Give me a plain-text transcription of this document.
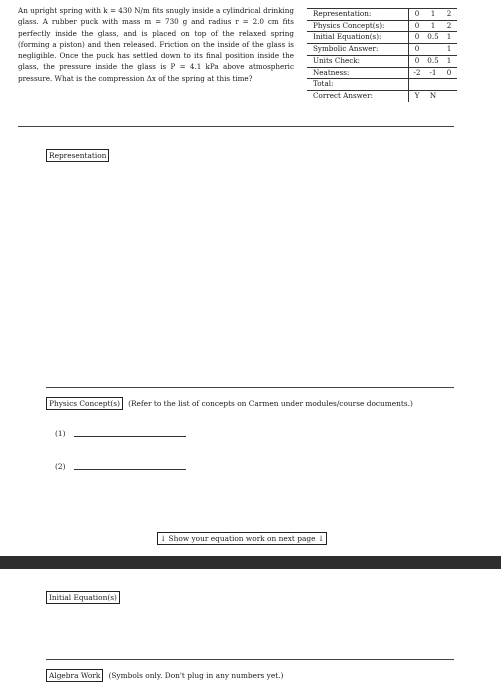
An upright spring with k = 430 N/m fits snugly inside a cylindrical drinking glass. A rubber puck with mass m = 730 g and radius r = 2.0 cm fits perfectly inside the glass, and is placed on top of the relaxed spring (forming a piston) and then released. Friction on the inside of the glass is negligible. Once the puck has settled down to its final position inside the glass, the pressure inside the glass is P = 4.1 kPa above atmospheric pressure. What is the compression Δx of the spring at this time?
Representation:	0	1	2
Physics Concept(s):	0	1	2
Initial Equation(s):	0	0.5	1
Symbolic Answer:	0		1
Units Check:	0	0.5	1
Neatness:	-2	-1	0
Total:			
Correct Answer:	Y	N	
Representation
Physics Concept(s) (Refer to the list of concepts on Carmen under modules/course documents.)
(1)
(2)
↓ Show your equation work on next page ↓
Initial Equation(s)
Algebra Work (Symbols only. Don't plug in any numbers yet.)
